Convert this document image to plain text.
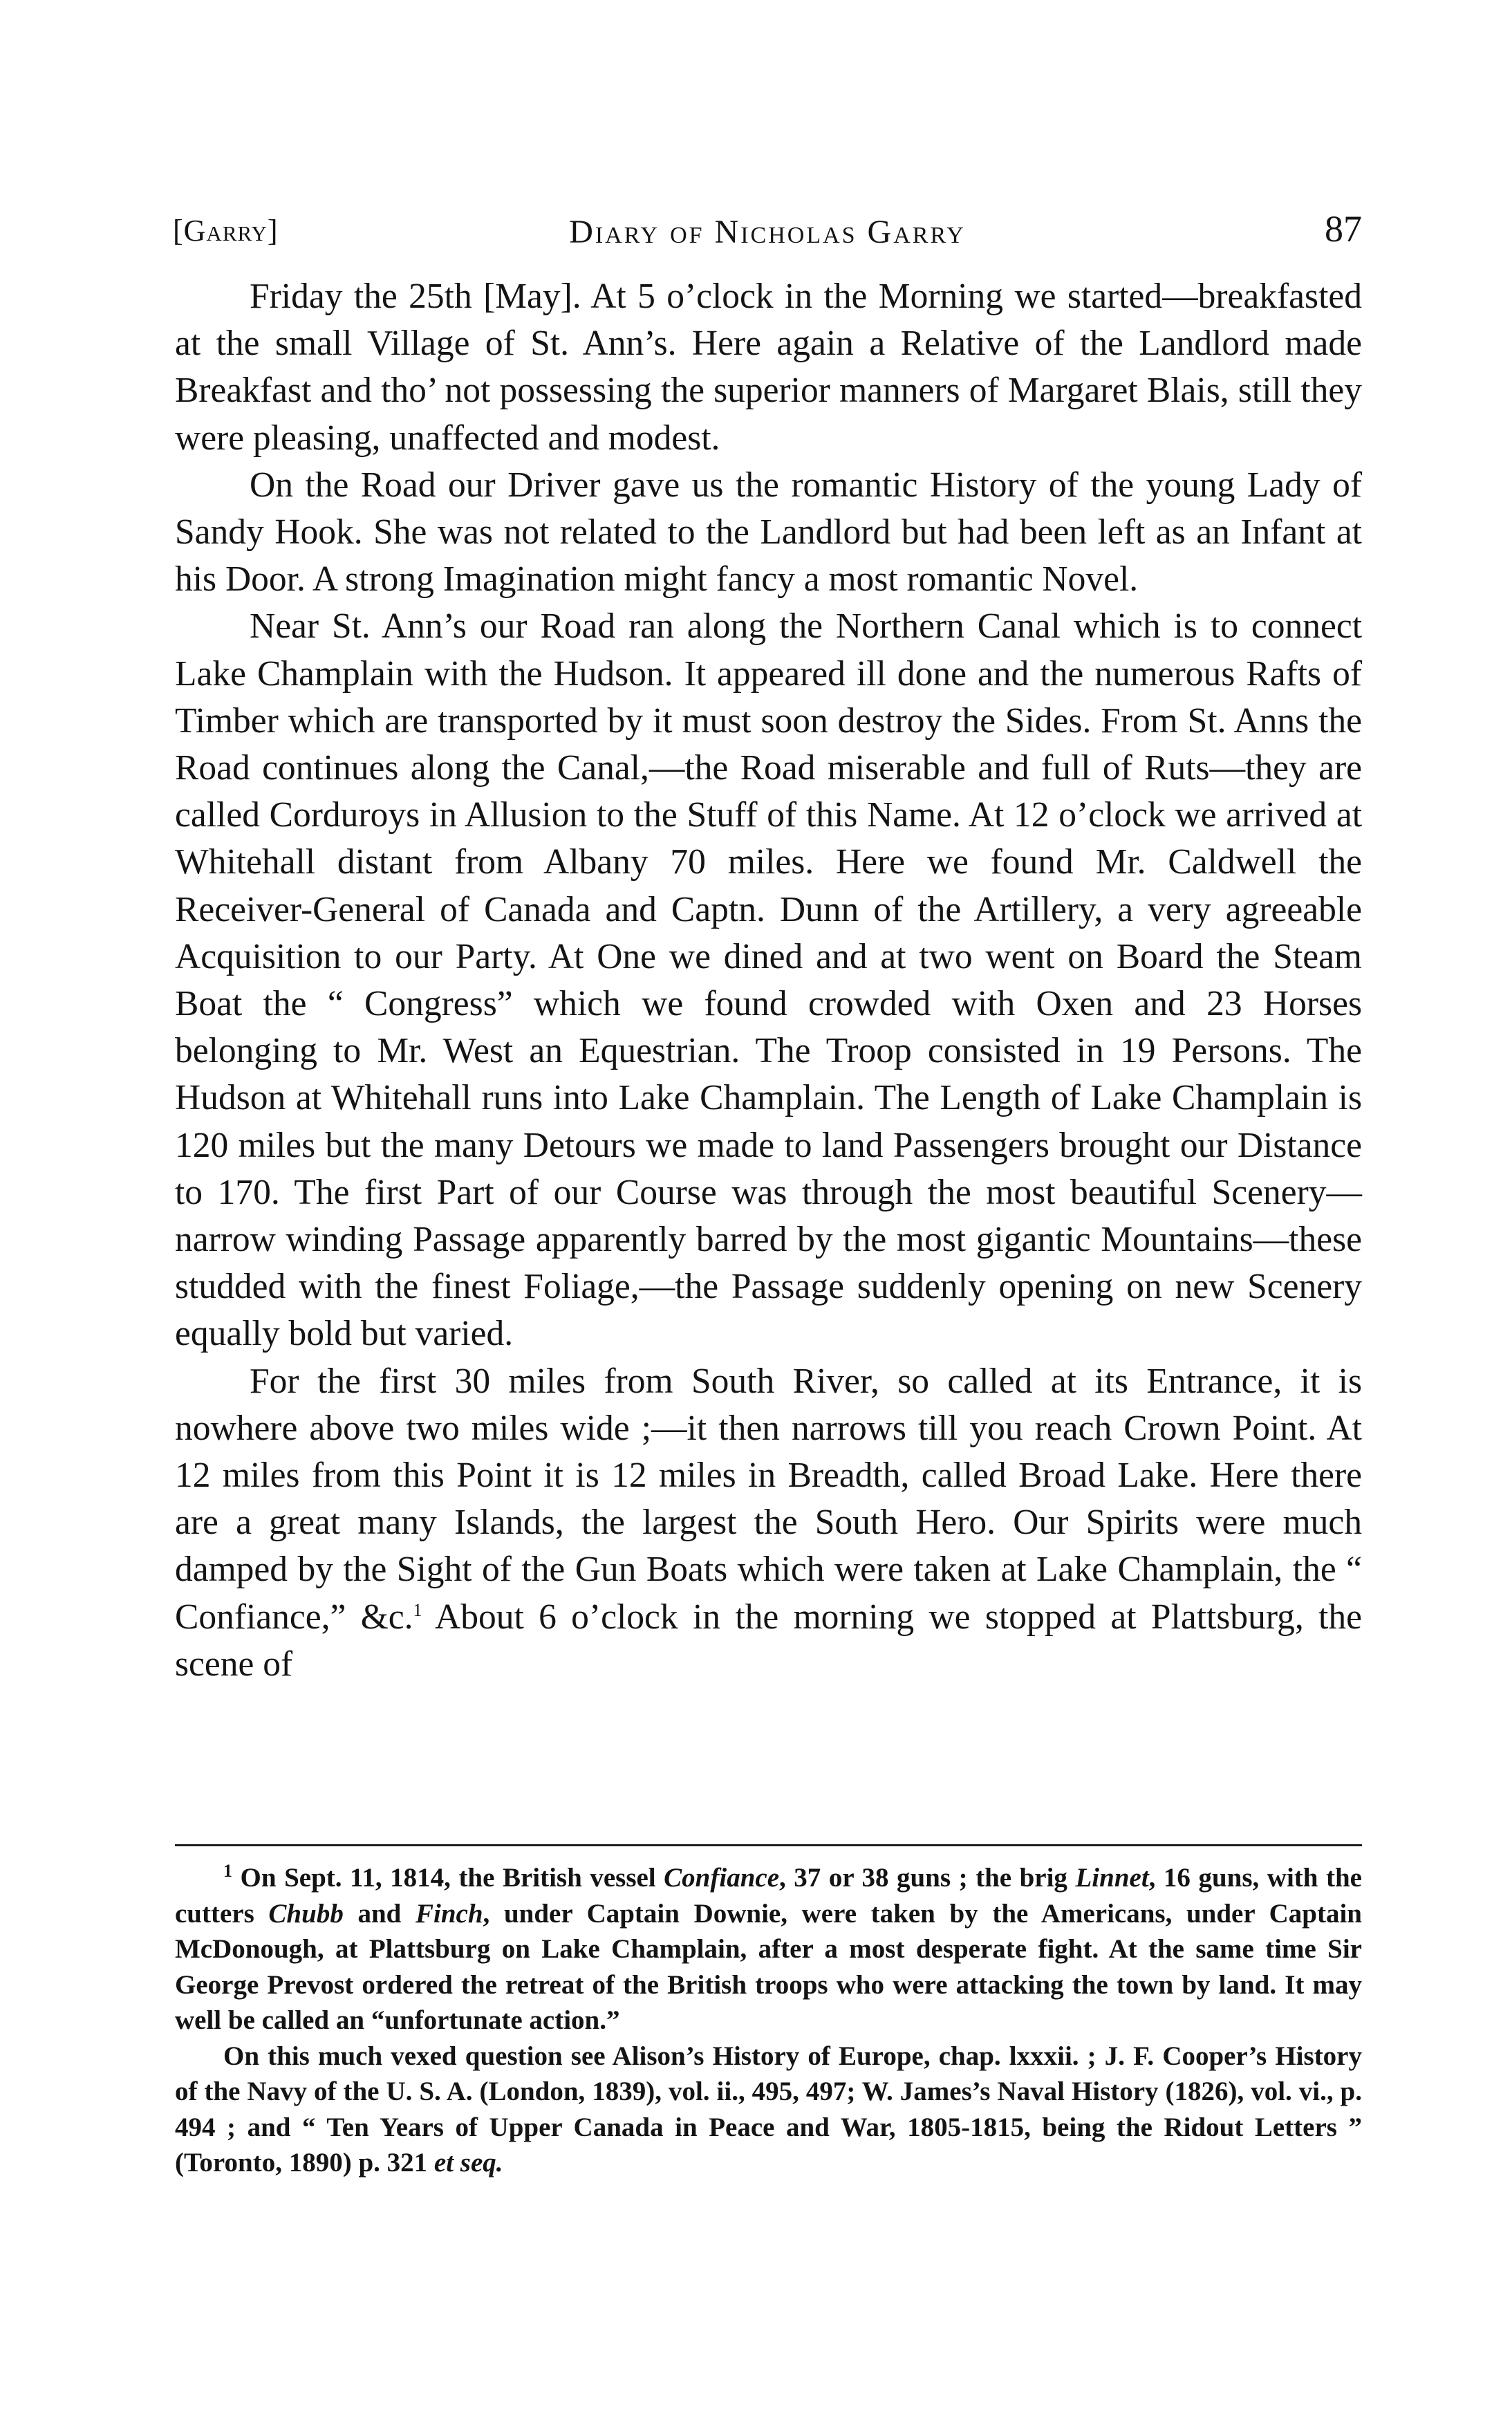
[Garry]	Diary of Nicholas Garry	87

Friday the 25th [May]. At 5 o’clock in the Morning we started—breakfasted at the small Village of St. Ann’s. Here again a Relative of the Landlord made Breakfast and tho’ not possessing the superior manners of Margaret Blais, still they were pleasing, unaffected and modest.

On the Road our Driver gave us the romantic History of the young Lady of Sandy Hook. She was not related to the Landlord but had been left as an Infant at his Door. A strong Imagination might fancy a most romantic Novel.

Near St. Ann’s our Road ran along the Northern Canal which is to connect Lake Champlain with the Hudson. It appeared ill done and the numerous Rafts of Timber which are transported by it must soon destroy the Sides. From St. Anns the Road continues along the Canal,—the Road miserable and full of Ruts—they are called Corduroys in Allusion to the Stuff of this Name. At 12 o’clock we arrived at Whitehall distant from Albany 70 miles. Here we found Mr. Caldwell the Receiver-General of Canada and Captn. Dunn of the Artillery, a very agreeable Acquisition to our Party. At One we dined and at two went on Board the Steam Boat the “ Congress” which we found crowded with Oxen and 23 Horses belonging to Mr. West an Equestrian. The Troop consisted in 19 Persons. The Hudson at Whitehall runs into Lake Champlain. The Length of Lake Champlain is 120 miles but the many Detours we made to land Passengers brought our Distance to 170. The first Part of our Course was through the most beautiful Scenery—narrow winding Passage apparently barred by the most gigantic Mountains—these studded with the finest Foliage,—the Passage suddenly opening on new Scenery equally bold but varied.

For the first 30 miles from South River, so called at its Entrance, it is nowhere above two miles wide ;—it then narrows till you reach Crown Point. At 12 miles from this Point it is 12 miles in Breadth, called Broad Lake. Here there are a great many Islands, the largest the South Hero. Our Spirits were much damped by the Sight of the Gun Boats which were taken at Lake Champlain, the “ Confiance,” &c.$^1$ About 6 o’clock in the morning we stopped at Plattsburg, the scene of

$^1$ On Sept. 11, 1814, the British vessel Confiance, 37 or 38 guns ; the brig Linnet, 16 guns, with the cutters Chubb and Finch, under Captain Downie, were taken by the Americans, under Captain McDonough, at Plattsburg on Lake Champlain, after a most desperate fight. At the same time Sir George Prevost ordered the retreat of the British troops who were attacking the town by land. It may well be called an “unfortunate action.”

On this much vexed question see Alison’s History of Europe, chap. lxxxii. ; J. F. Cooper’s History of the Navy of the U. S. A. (London, 1839), vol. ii., 495, 497; W. James’s Naval History (1826), vol. vi., p. 494 ; and “ Ten Years of Upper Canada in Peace and War, 1805-1815, being the Ridout Letters ” (Toronto, 1890) p. 321 et seq.
